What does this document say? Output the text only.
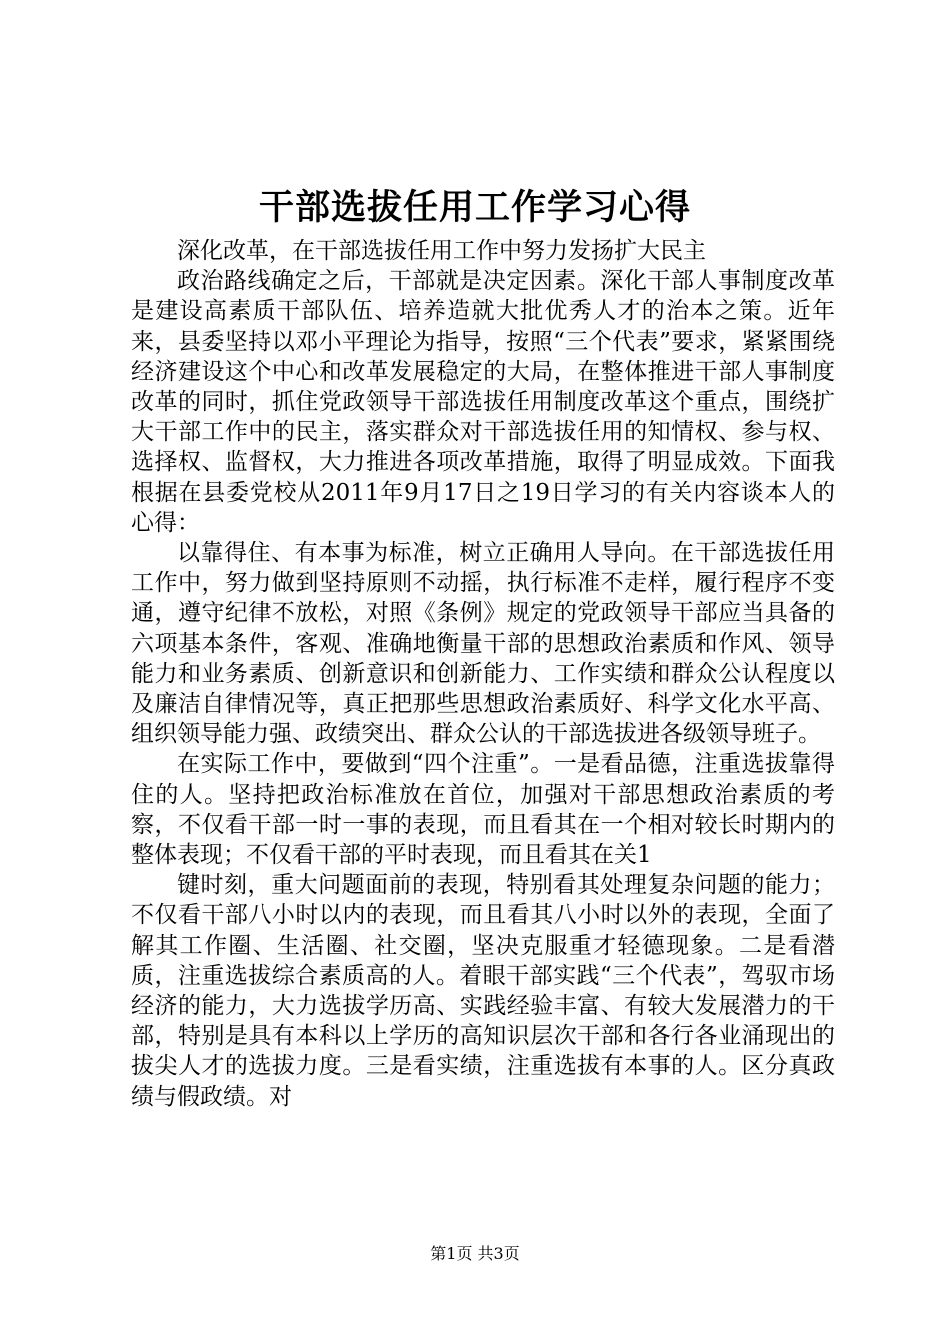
干部选拔任用工作学习心得

深化改革，在干部选拔任用工作中努力发扬扩大民主

政治路线确定之后，干部就是决定因素。深化干部人事制度改革是建设高素质干部队伍、培养造就大批优秀人才的治本之策。近年来，县委坚持以邓小平理论为指导，按照“三个代表”要求，紧紧围绕经济建设这个中心和改革发展稳定的大局，在整体推进干部人事制度改革的同时，抓住党政领导干部选拔任用制度改革这个重点，围绕扩大干部工作中的民主，落实群众对干部选拔任用的知情权、参与权、选择权、监督权，大力推进各项改革措施，取得了明显成效。下面我根据在县委党校从2011年9月17日之19日学习的有关内容谈本人的心得：

以靠得住、有本事为标准，树立正确用人导向。在干部选拔任用工作中，努力做到坚持原则不动摇，执行标准不走样，履行程序不变通，遵守纪律不放松，对照《条例》规定的党政领导干部应当具备的六项基本条件，客观、准确地衡量干部的思想政治素质和作风、领导能力和业务素质、创新意识和创新能力、工作实绩和群众公认程度以及廉洁自律情况等，真正把那些思想政治素质好、科学文化水平高、组织领导能力强、政绩突出、群众公认的干部选拔进各级领导班子。

在实际工作中，要做到“四个注重”。一是看品德，注重选拔靠得住的人。坚持把政治标准放在首位，加强对干部思想政治素质的考察，不仅看干部一时一事的表现，而且看其在一个相对较长时期内的整体表现；不仅看干部的平时表现，而且看其在关1

键时刻，重大问题面前的表现，特别看其处理复杂问题的能力；不仅看干部八小时以内的表现，而且看其八小时以外的表现，全面了解其工作圈、生活圈、社交圈，坚决克服重才轻德现象。二是看潜质，注重选拔综合素质高的人。着眼干部实践“三个代表”，驾驭市场经济的能力，大力选拔学历高、实践经验丰富、有较大发展潜力的干部，特别是具有本科以上学历的高知识层次干部和各行各业涌现出的拔尖人才的选拔力度。三是看实绩，注重选拔有本事的人。区分真政绩与假政绩。对

第1页 共3页
